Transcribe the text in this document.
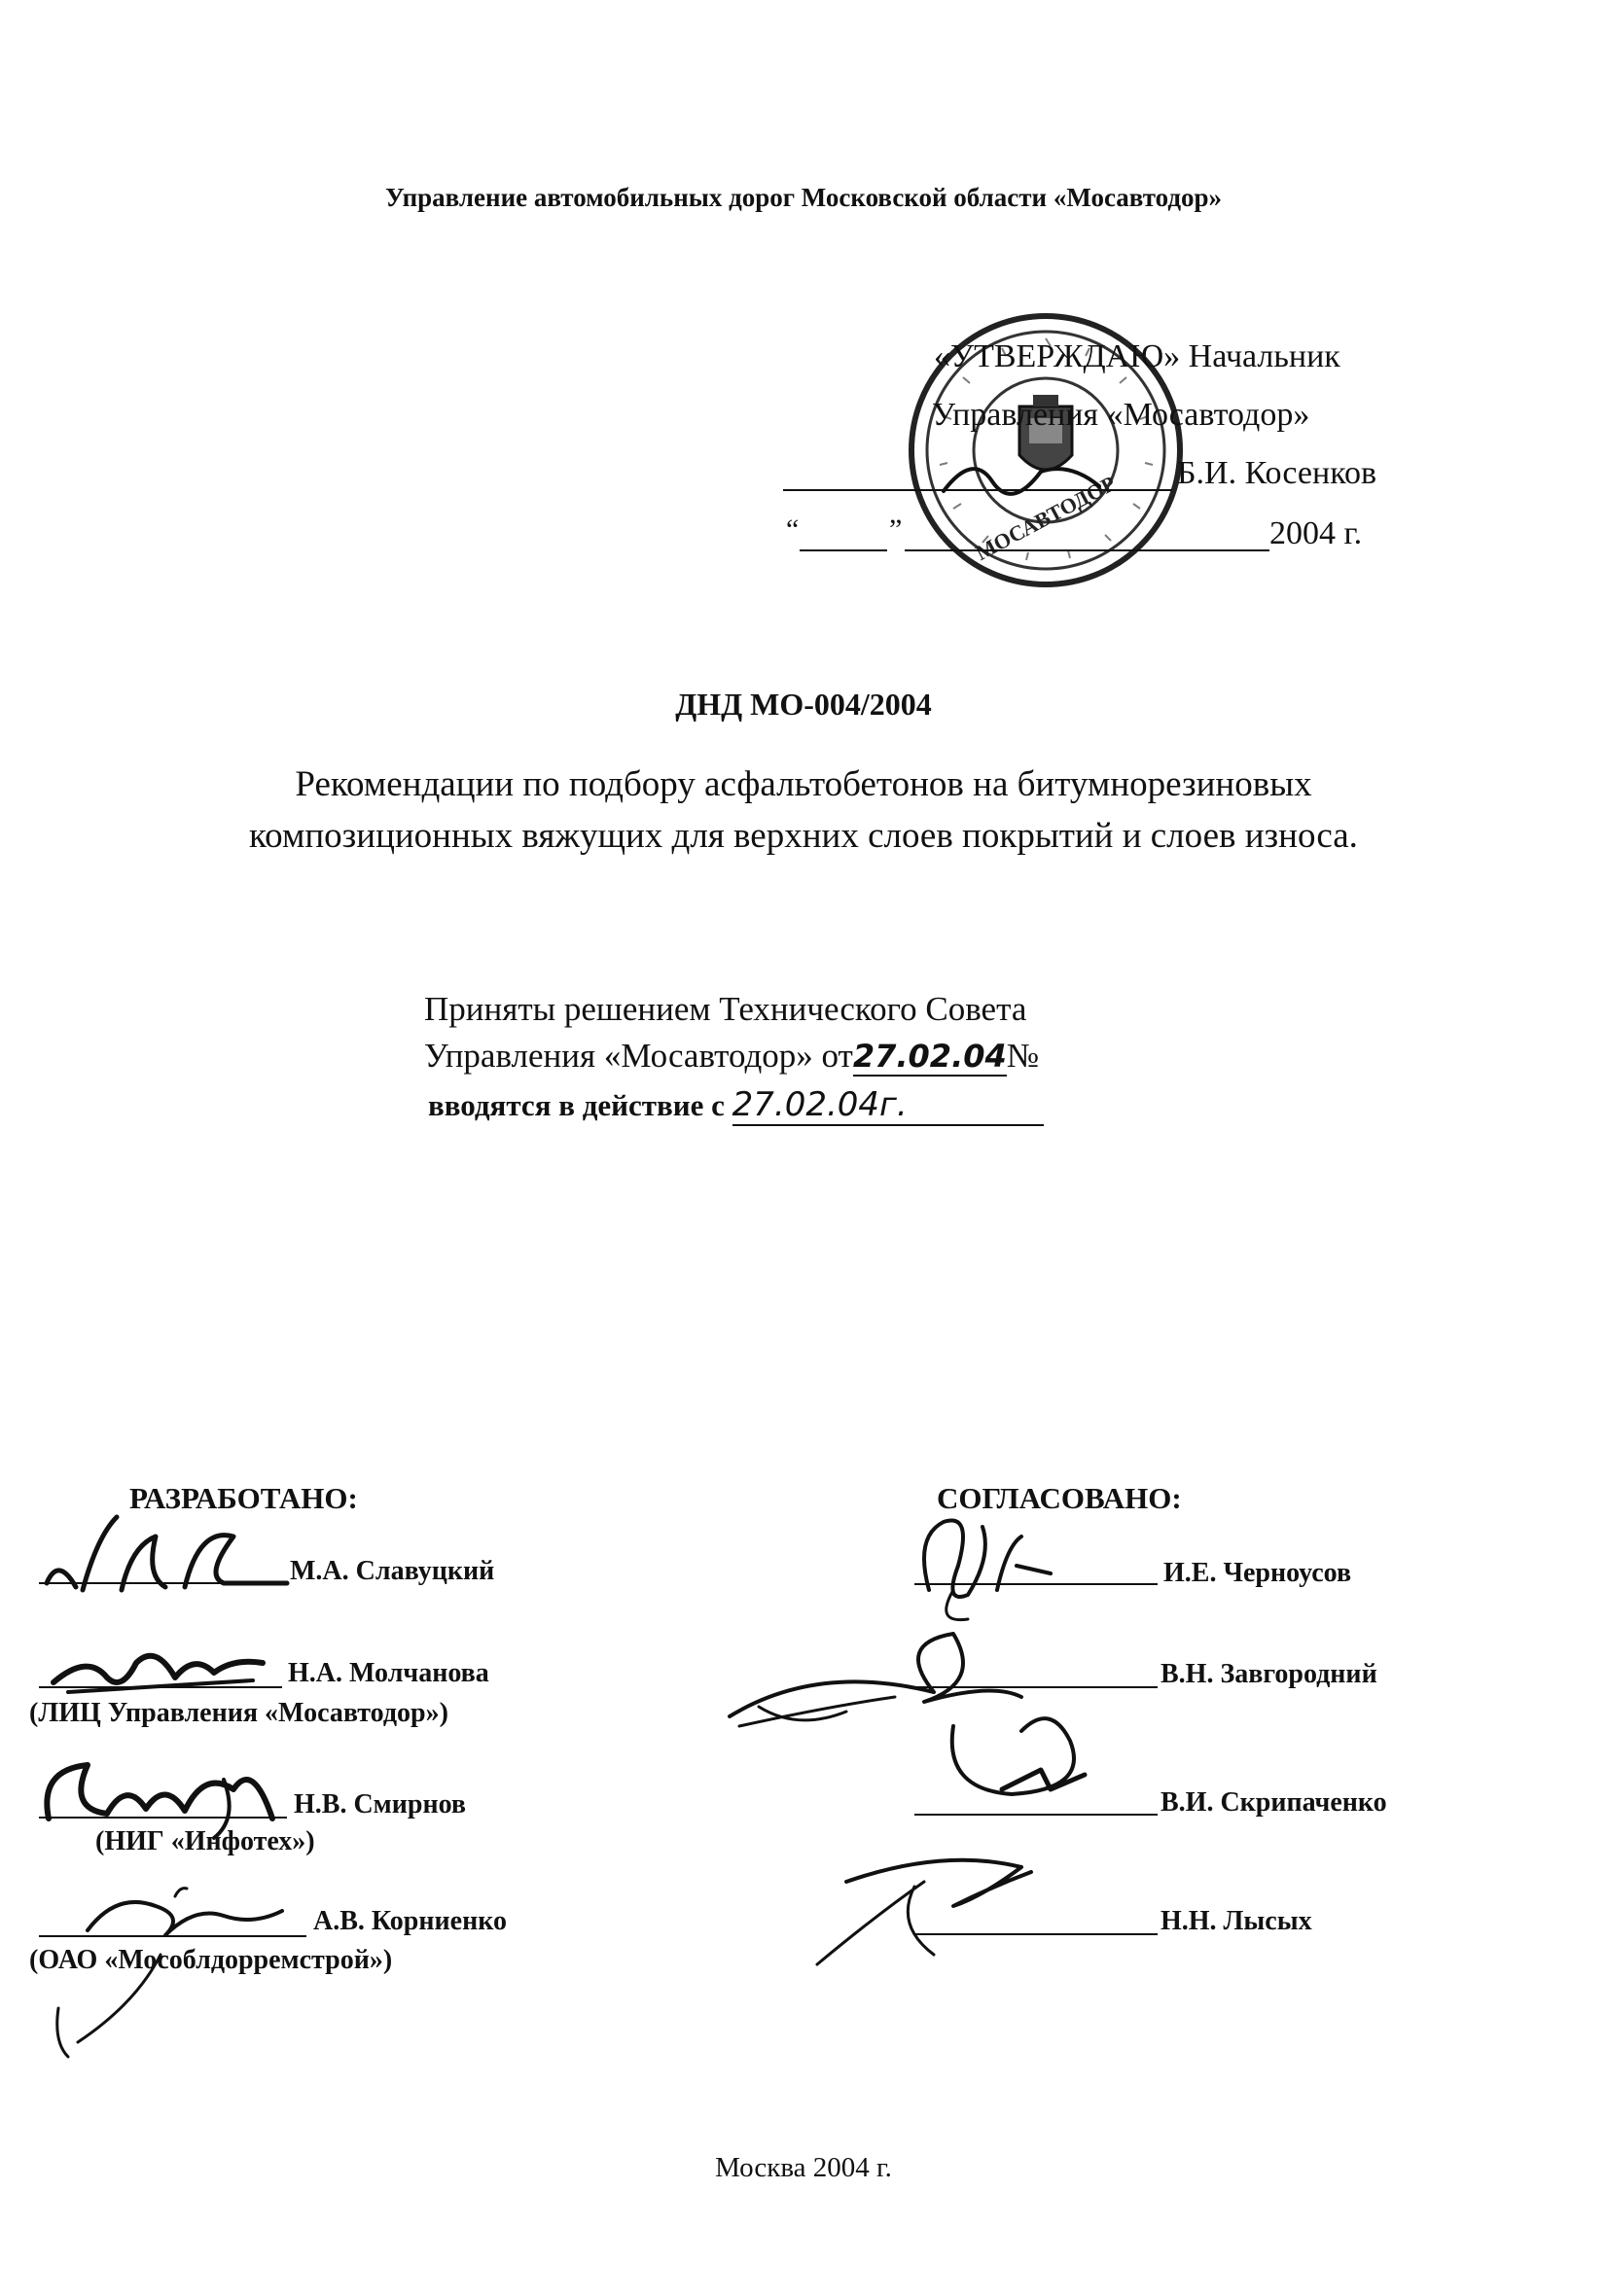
Управление автомобильных дорог Московской области «Мосавтодор»
МОСАВТОДОР
«УТВЕРЖДАЮ» Начальник
Управления «Мосавтодор»
Б.И. Косенков
“	”	2004 г.
ДНД МО-004/2004
Рекомендации по подбору асфальтобетонов на битумнорезиновых
композиционных вяжущих для верхних слоев покрытий и слоев износа.
Приняты решением Технического Совета
Управления «Мосавтодор» от27.02.04№
вводятся в действие с 27.02.04г.
РАЗРАБОТАНО:
М.А. Славуцкий
Н.А. Молчанова
(ЛИЦ Управления «Мосавтодор»)
Н.В. Смирнов
(НИГ «Инфотех»)
А.В. Корниенко
(ОАО «Мособлдорремстрой»)
СОГЛАСОВАНО:
И.Е. Черноусов
В.Н. Завгородний
В.И. Скрипаченко
Н.Н. Лысых
Москва 2004 г.
